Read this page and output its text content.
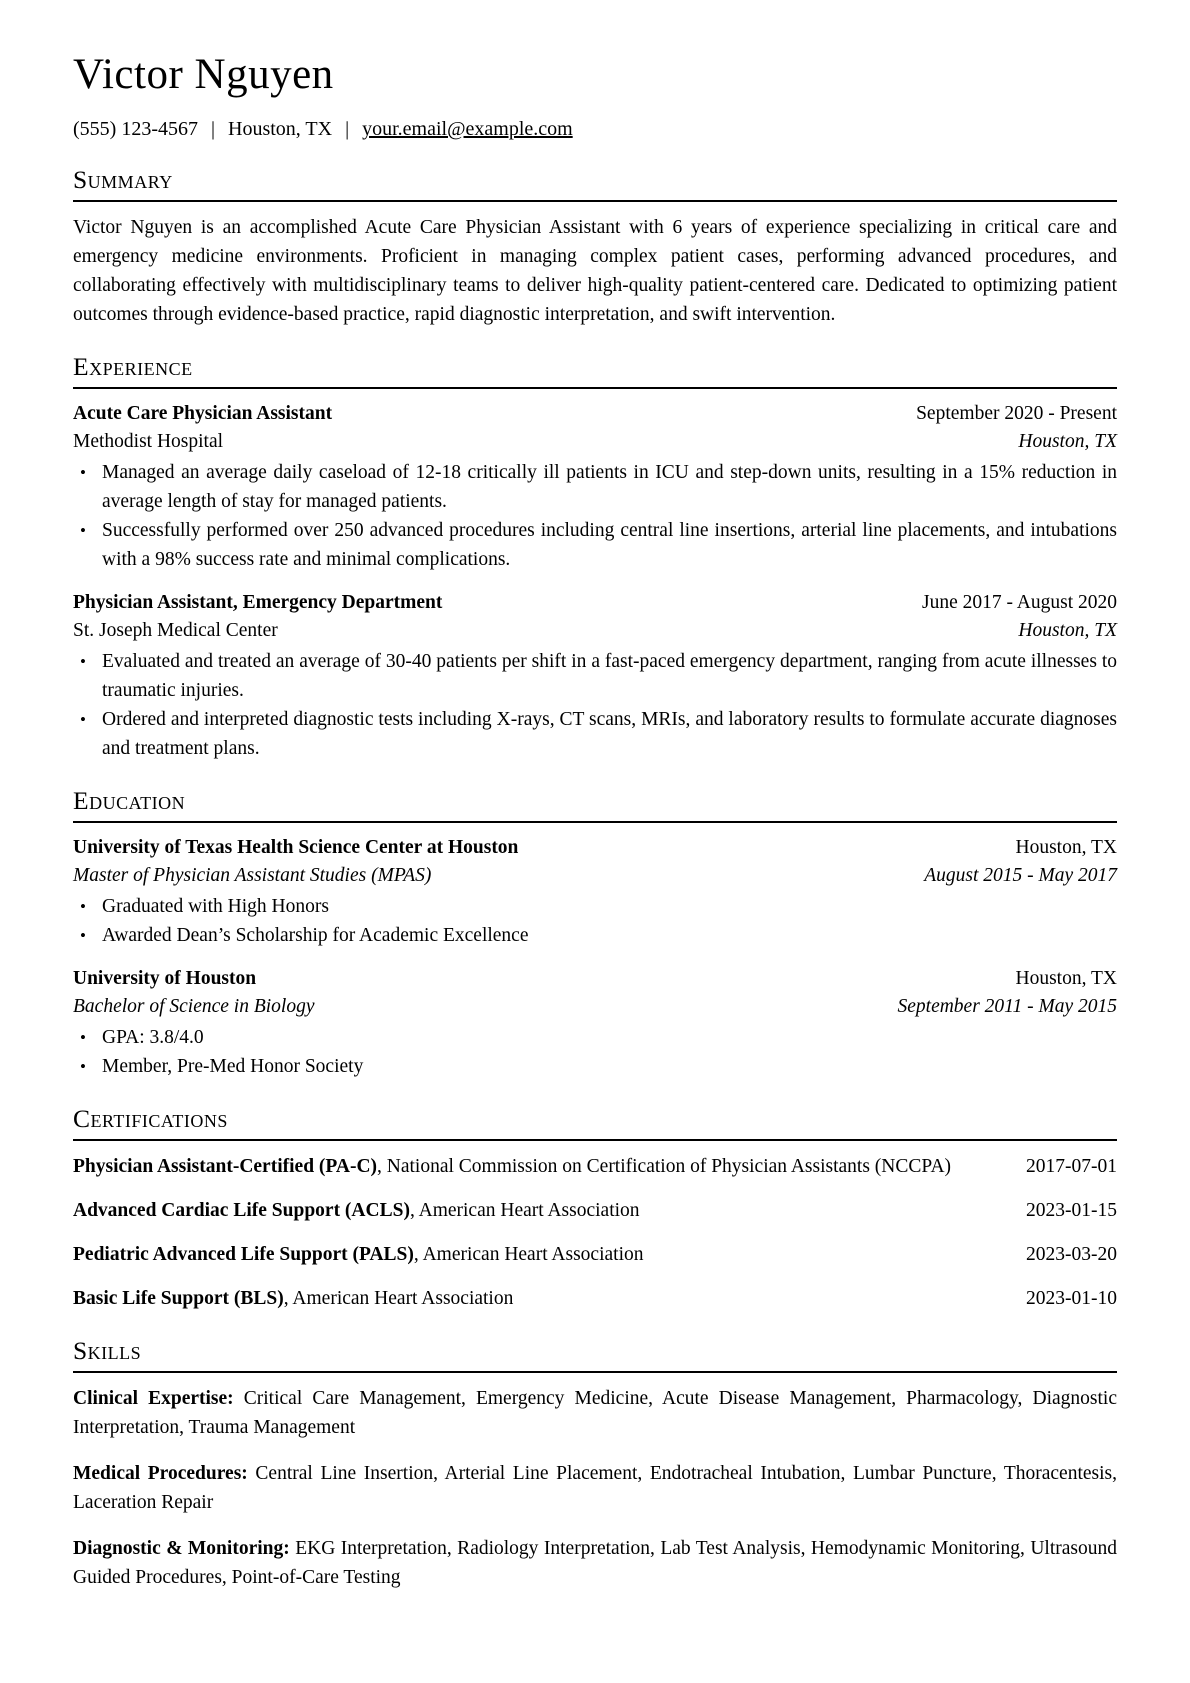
Victor Nguyen
(555) 123-4567 | Houston, TX | your.email@example.com
Summary

Victor Nguyen is an accomplished Acute Care Physician Assistant with 6 years of experience specializing in critical care and emergency medicine environments. Proficient in managing complex patient cases, performing advanced procedures, and collaborating effectively with multidisciplinary teams to deliver high-quality patient-centered care. Dedicated to optimizing patient outcomes through evidence-based practice, rapid diagnostic interpretation, and swift intervention.

Experience
Acute Care Physician Assistant	September 2020 - Present
Methodist Hospital	Houston, TX
• Managed an average daily caseload of 12-18 critically ill patients in ICU and step-down units, resulting in a 15% reduction in average length of stay for managed patients.
• Successfully performed over 250 advanced procedures including central line insertions, arterial line placements, and intubations with a 98% success rate and minimal complications.
Physician Assistant, Emergency Department	June 2017 - August 2020
St. Joseph Medical Center	Houston, TX
• Evaluated and treated an average of 30-40 patients per shift in a fast-paced emergency department, ranging from acute illnesses to traumatic injuries.
• Ordered and interpreted diagnostic tests including X-rays, CT scans, MRIs, and laboratory results to formulate accurate diagnoses and treatment plans.
Education
University of Texas Health Science Center at Houston	Houston, TX
Master of Physician Assistant Studies (MPAS)	August 2015 - May 2017
• Graduated with High Honors
• Awarded Dean’s Scholarship for Academic Excellence
University of Houston	Houston, TX
Bachelor of Science in Biology	September 2011 - May 2015
• GPA: 3.8/4.0
• Member, Pre-Med Honor Society
Certifications

Physician Assistant-Certified (PA-C), National Commission on Certification of Physician Assistants (NCCPA)	2017-07-01

Advanced Cardiac Life Support (ACLS), American Heart Association	2023-01-15

Pediatric Advanced Life Support (PALS), American Heart Association	2023-03-20

Basic Life Support (BLS), American Heart Association	2023-01-10
Skills

Clinical Expertise: Critical Care Management, Emergency Medicine, Acute Disease Management, Pharmacology, Diagnostic Interpretation, Trauma Management

Medical Procedures: Central Line Insertion, Arterial Line Placement, Endotracheal Intubation, Lumbar Puncture, Thoracentesis, Laceration Repair

Diagnostic & Monitoring: EKG Interpretation, Radiology Interpretation, Lab Test Analysis, Hemodynamic Monitoring, Ultrasound Guided Procedures, Point-of-Care Testing
